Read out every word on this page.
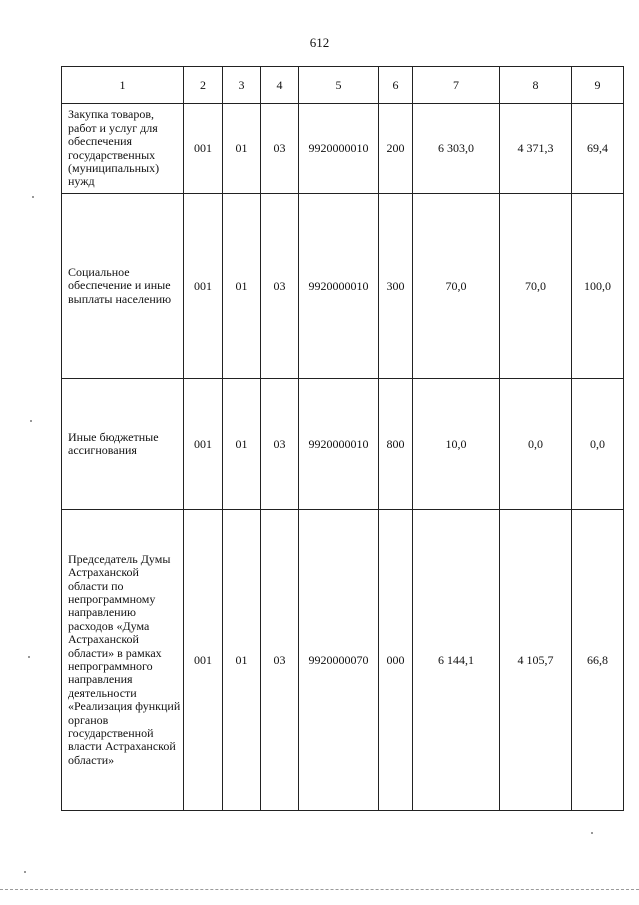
612
1	2	3	4	5	6	7	8	9
Закупка товаров, работ и услуг для обеспечения государственных (муниципальных) нужд	001	01	03	9920000010	200	6 303,0	4 371,3	69,4
Социальное обеспечение и иные выплаты населению	001	01	03	9920000010	300	70,0	70,0	100,0
Иные бюджетные ассигнования	001	01	03	9920000010	800	10,0	0,0	0,0
Председатель Думы Астраханской области по непрограммному направлению расходов «Дума Астраханской области» в рамках непрограммного направления деятельности «Реализация функций органов государственной власти Астраханской области»	001	01	03	9920000070	000	6 144,1	4 105,7	66,8
